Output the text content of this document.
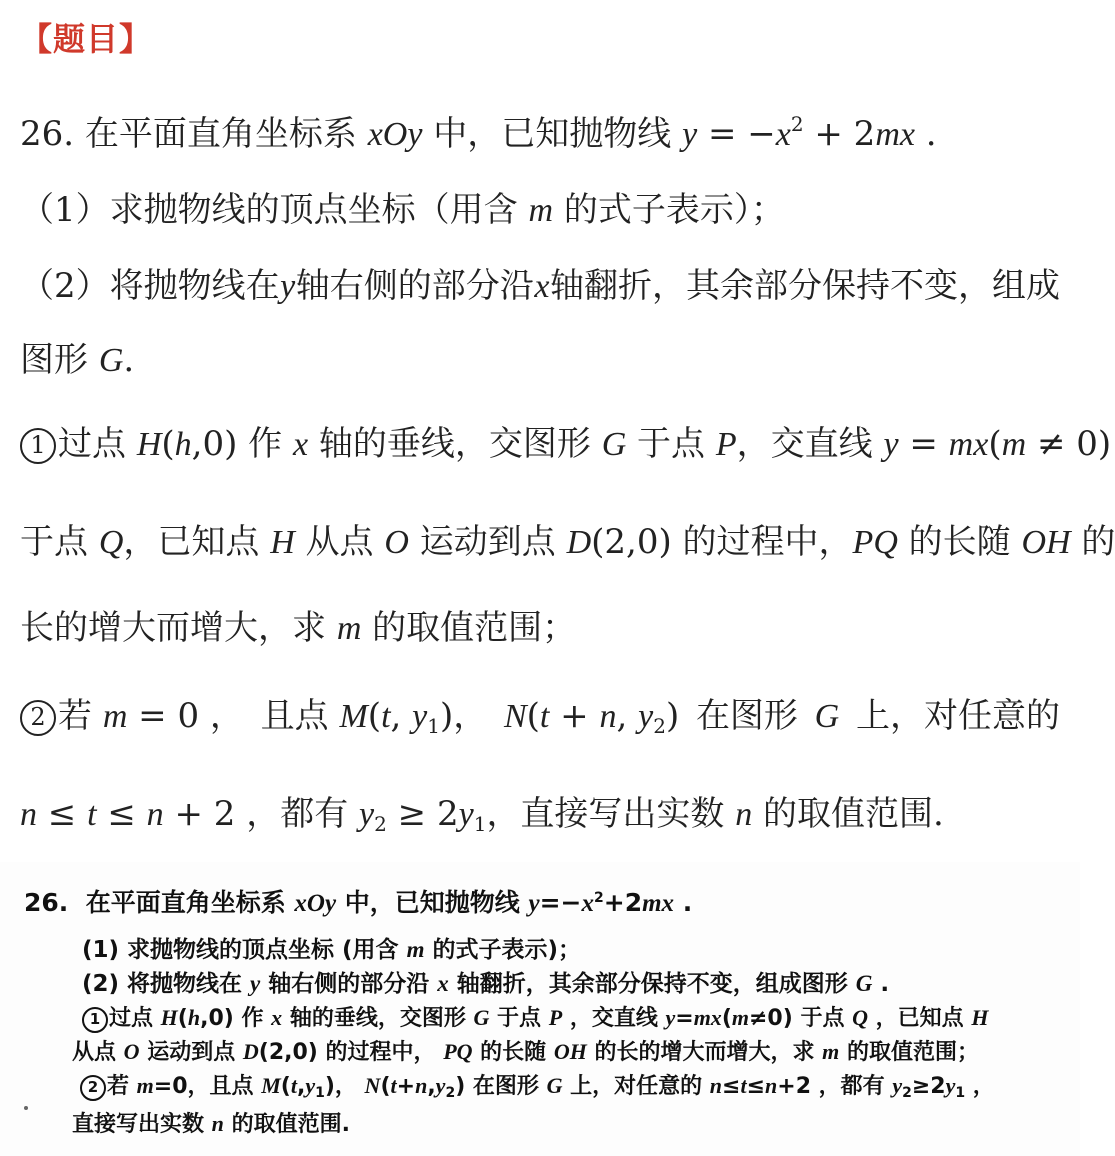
【题目】
26. 在平面直角坐标系 xOy 中，已知抛物线 $y = -x^2 + 2mx$ .
（1）求抛物线的顶点坐标（用含 m 的式子表示）；
（2）将抛物线在 y 轴右侧的部分沿 x 轴翻折，其余部分保持不变，组成
图形 G.
1 过点 H(h,0) 作 x 轴的垂线，交图形 G 于点 P，交直线 y = mx(m ≠ 0)
于点 Q，已知点 H 从点 O 运动到点 D(2,0) 的过程中，PQ 的长随 OH 的
长的增大而增大，求 m 的取值范围；
2 若 m = 0 ， 且点 M(t, $y_1$)， N(t + n, $y_2$) 在图形 G 上，对任意的
n ≤ t ≤ n + 2 ，都有 $y_2 \ge 2y_1$，直接写出实数 n 的取值范围.
26.  在平面直角坐标系 xOy 中，已知抛物线 $y=-x^2+2mx$ .
(1) 求抛物线的顶点坐标 (用含 m 的式子表示)；
(2) 将抛物线在 y 轴右侧的部分沿 x 轴翻折，其余部分保持不变，组成图形 G .
1 过点 H(h,0) 作 x 轴的垂线，交图形 G 于点 P ，交直线 y=mx(m≠0) 于点 Q ，已知点 H
从点 O 运动到点 D(2,0) 的过程中， PQ 的长随 OH 的长的增大而增大，求 m 的取值范围；
2 若 m=0，且点 $M(t,y_1)$， $N(t+n,y_2)$ 在图形 G 上，对任意的 n≤t≤n+2 ，都有 $y_2\ge 2y_1$ ，
直接写出实数 n 的取值范围.
